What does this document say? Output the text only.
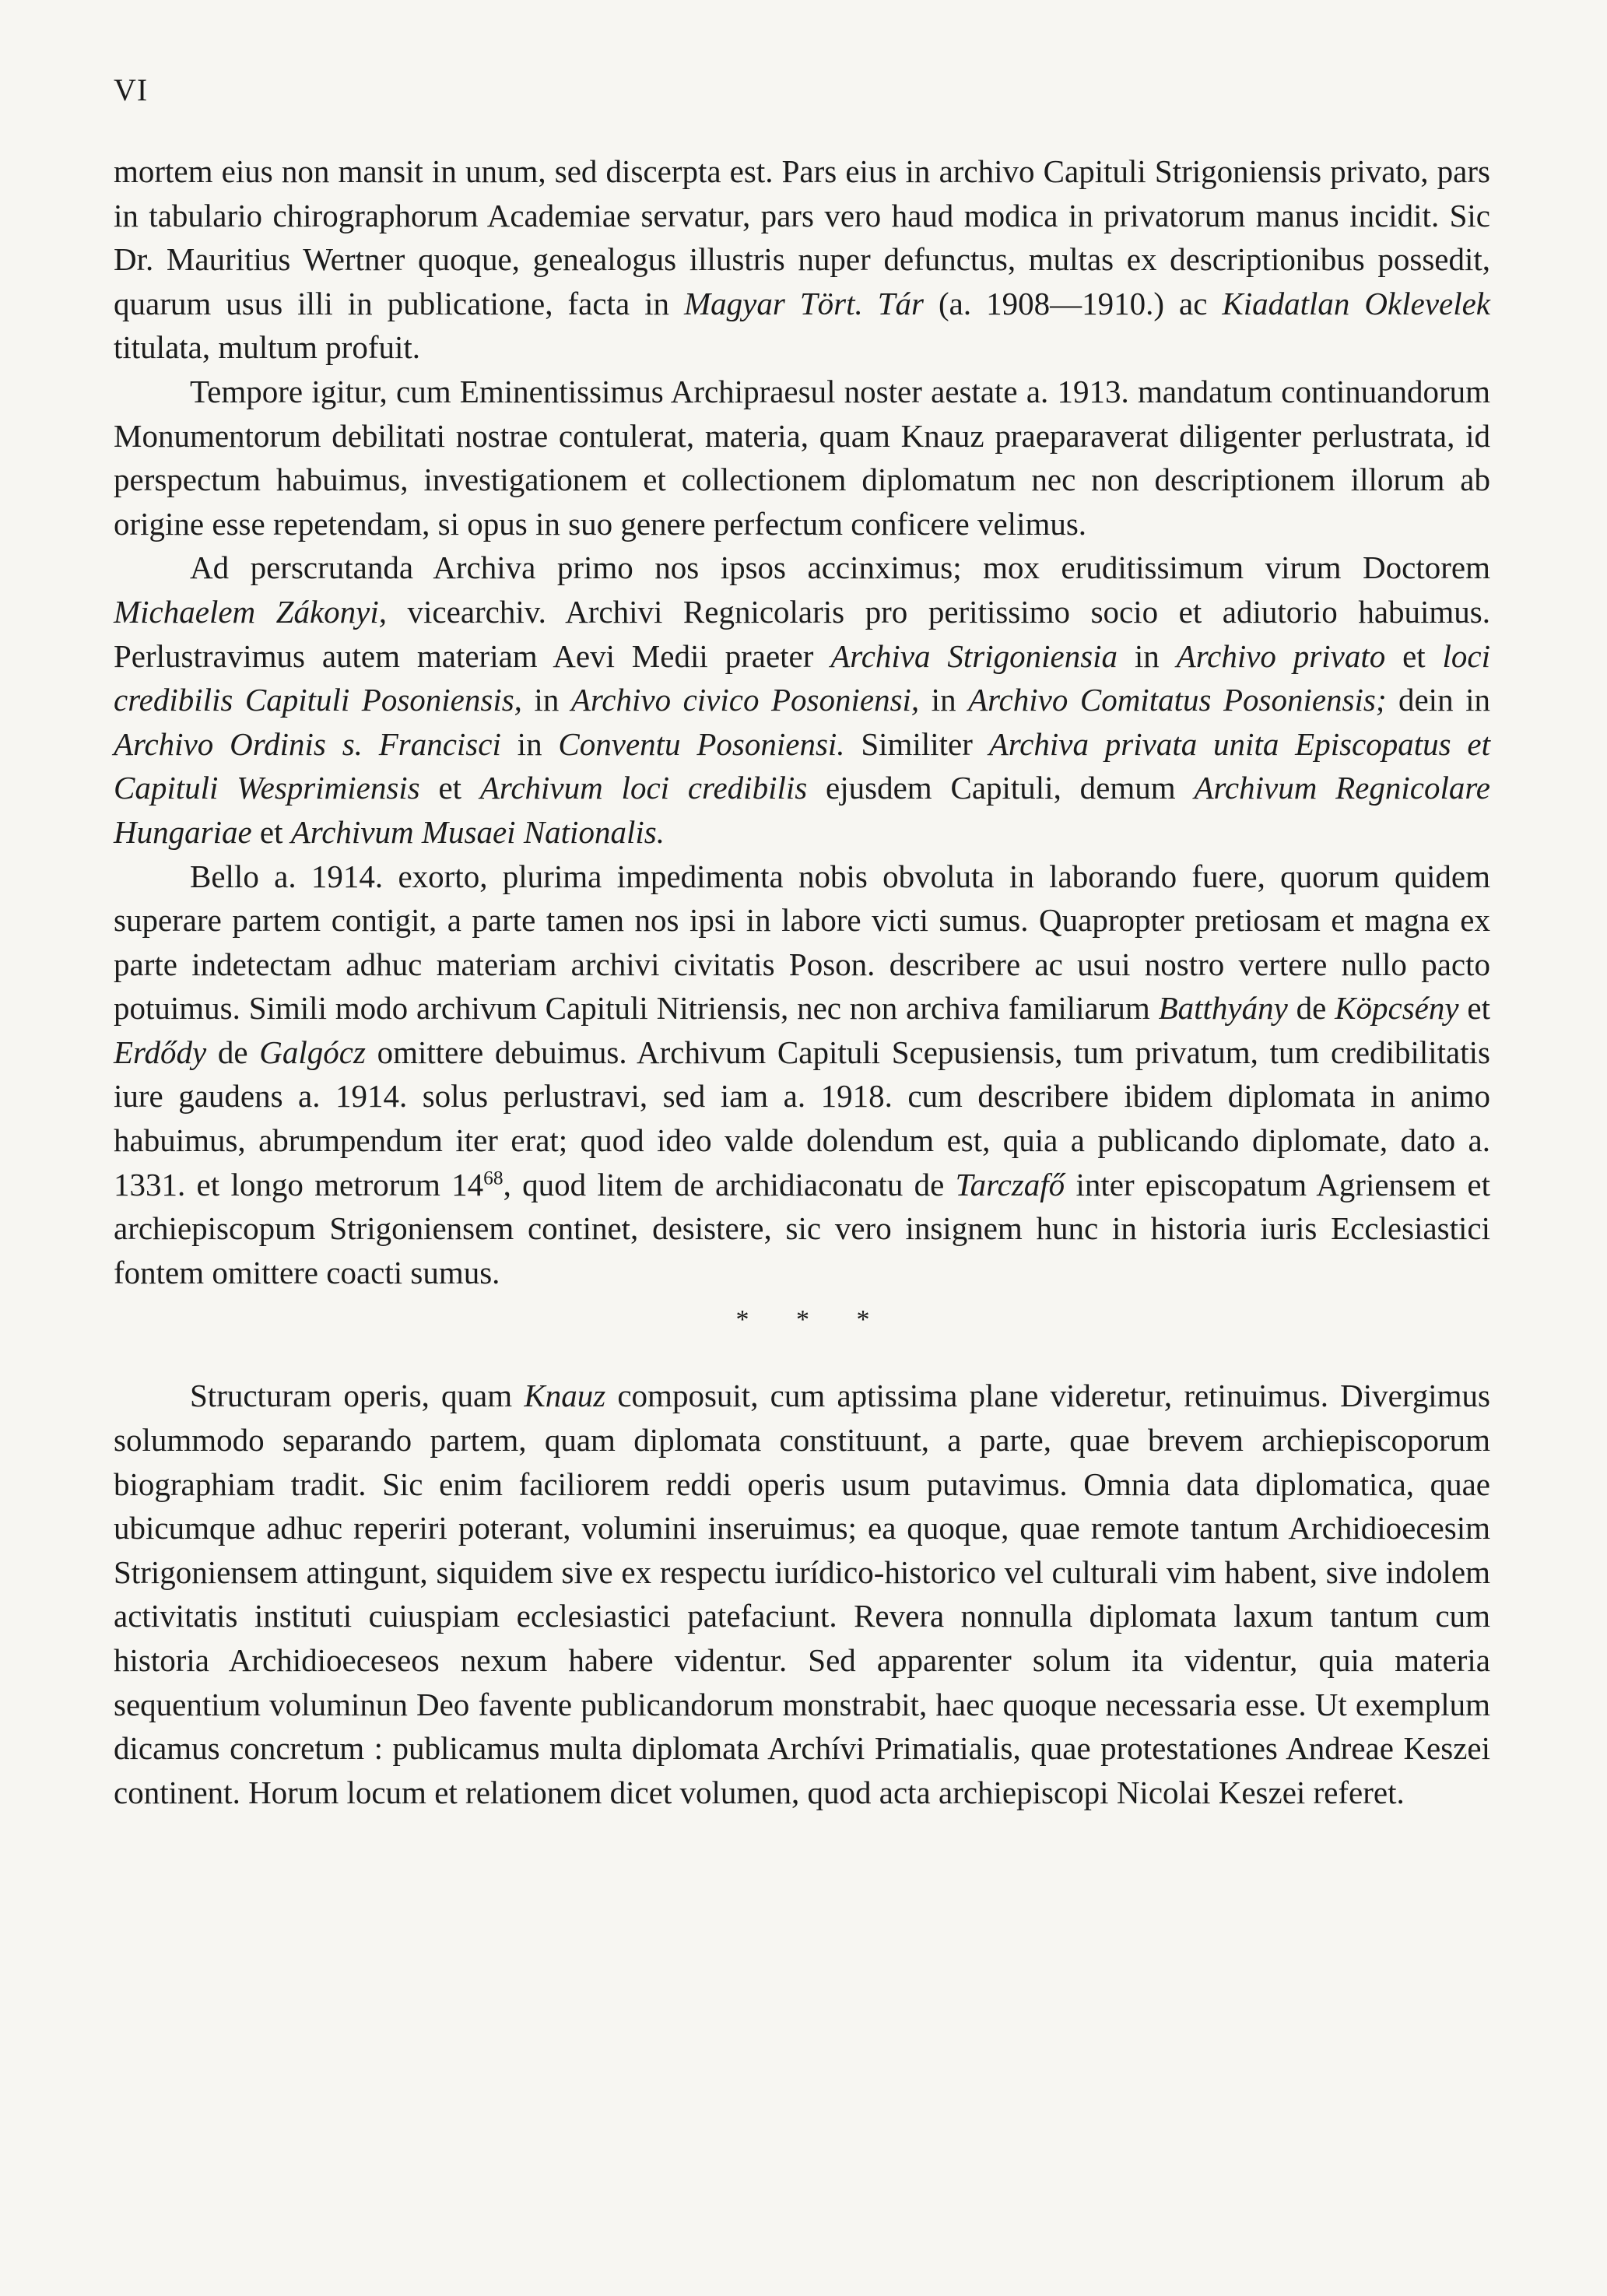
VI

mortem eius non mansit in unum, sed discerpta est. Pars eius in archivo Capituli Strigoniensis privato, pars in tabulario chirographorum Academiae servatur, pars vero haud modica in privatorum manus incidit. Sic Dr. Mauritius Wertner quoque, genealogus illustris nuper defunctus, multas ex descriptionibus possedit, quarum usus illi in publicatione, facta in Magyar Tört. Tár (a. 1908—1910.) ac Kiadatlan Oklevelek titulata, multum profuit.

Tempore igitur, cum Eminentissimus Archipraesul noster aestate a. 1913. mandatum continuandorum Monumentorum debilitati nostrae contulerat, materia, quam Knauz praeparaverat diligenter perlustrata, id perspectum habuimus, investigationem et collectionem diplomatum nec non descriptionem illorum ab origine esse repetendam, si opus in suo genere perfectum conficere velimus.

Ad perscrutanda Archiva primo nos ipsos accinximus; mox eruditissimum virum Doctorem Michaelem Zákonyi, vicearchiv. Archivi Regnicolaris pro peritissimo socio et adiutorio habuimus. Perlustravimus autem materiam Aevi Medii praeter Archiva Strigoniensia in Archivo privato et loci credibilis Capituli Posoniensis, in Archivo civico Posoniensi, in Archivo Comitatus Posoniensis; dein in Archivo Ordinis s. Francisci in Conventu Posoniensi. Similiter Archiva privata unita Episcopatus et Capituli Wesprimiensis et Archivum loci credibilis ejusdem Capituli, demum Archivum Regnicolare Hungariae et Archivum Musaei Nationalis.

Bello a. 1914. exorto, plurima impedimenta nobis obvoluta in laborando fuere, quorum quidem superare partem contigit, a parte tamen nos ipsi in labore victi sumus. Quapropter pretiosam et magna ex parte indetectam adhuc materiam archivi civitatis Poson. describere ac usui nostro vertere nullo pacto potuimus. Simili modo archivum Capituli Nitriensis, nec non archiva familiarum Batthyány de Köpcsény et Erdődy de Galgócz omittere debuimus. Archivum Capituli Scepusiensis, tum privatum, tum credibilitatis iure gaudens a. 1914. solus perlustravi, sed iam a. 1918. cum describere ibidem diplomata in animo habuimus, abrumpendum iter erat; quod ideo valde dolendum est, quia a publicando diplomate, dato a. 1331. et longo metrorum $14^{68}$, quod litem de archidiaconatu de Tarczafő inter episcopatum Agriensem et archiepiscopum Strigoniensem continet, desistere, sic vero insignem hunc in historia iuris Ecclesiastici fontem omittere coacti sumus.

* * *

Structuram operis, quam Knauz composuit, cum aptissima plane videretur, retinuimus. Divergimus solummodo separando partem, quam diplomata constituunt, a parte, quae brevem archiepiscoporum biographiam tradit. Sic enim faciliorem reddi operis usum putavimus. Omnia data diplomatica, quae ubicumque adhuc reperiri poterant, volumini inseruimus; ea quoque, quae remote tantum Archidioecesim Strigoniensem attingunt, siquidem sive ex respectu iurídico-historico vel culturali vim habent, sive indolem activitatis instituti cuiuspiam ecclesiastici patefaciunt. Revera nonnulla diplomata laxum tantum cum historia Archidioeceseos nexum habere videntur. Sed apparenter solum ita videntur, quia materia sequentium voluminun Deo favente publicandorum monstrabit, haec quoque necessaria esse. Ut exemplum dicamus concretum : publicamus multa diplomata Archívi Primatialis, quae protestationes Andreae Keszei continent. Horum locum et relationem dicet volumen, quod acta archiepiscopi Nicolai Keszei referet.
